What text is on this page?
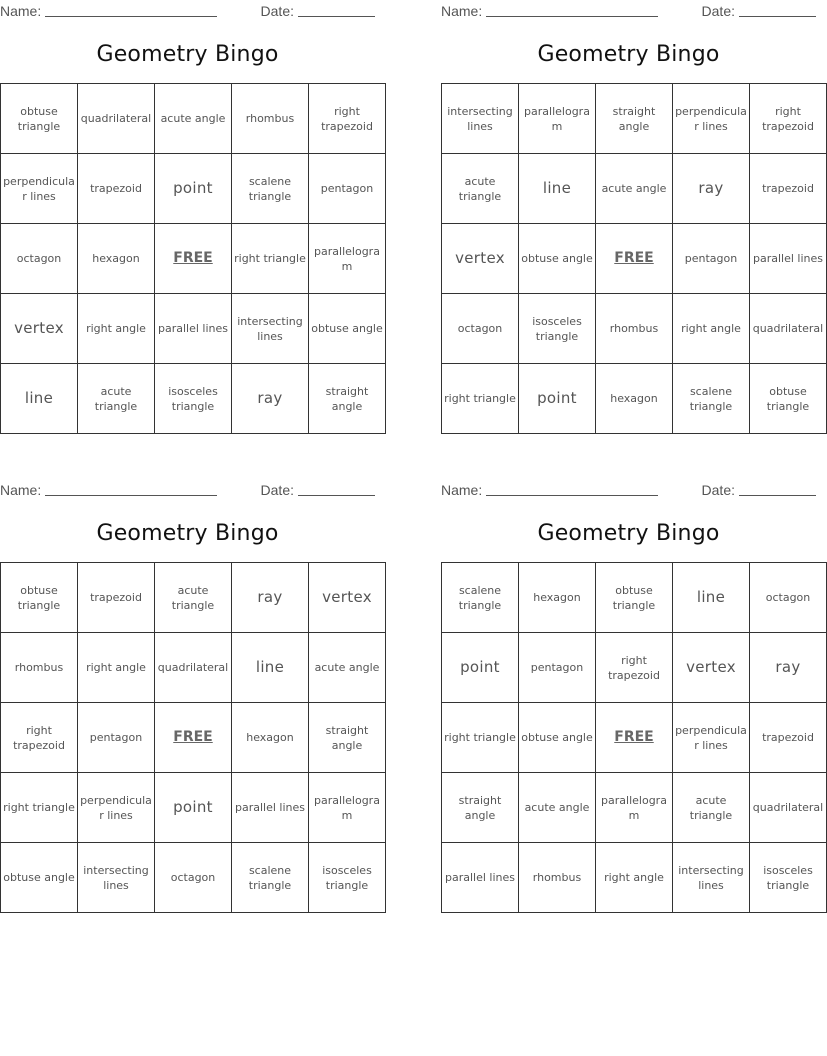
Name:	Date:
Geometry Bingo
obtuse triangle	quadrilateral	acute angle	rhombus	right trapezoid
perpendicular lines	trapezoid	point	scalene triangle	pentagon
octagon	hexagon	FREE	right triangle	parallelogram
vertex	right angle	parallel lines	intersecting lines	obtuse angle
line	acute triangle	isosceles triangle	ray	straight angle
Name:	Date:
Geometry Bingo
intersecting lines	parallelogram	straight angle	perpendicular lines	right trapezoid
acute triangle	line	acute angle	ray	trapezoid
vertex	obtuse angle	FREE	pentagon	parallel lines
octagon	isosceles triangle	rhombus	right angle	quadrilateral
right triangle	point	hexagon	scalene triangle	obtuse triangle
Name:	Date:
Geometry Bingo
obtuse triangle	trapezoid	acute triangle	ray	vertex
rhombus	right angle	quadrilateral	line	acute angle
right trapezoid	pentagon	FREE	hexagon	straight angle
right triangle	perpendicular lines	point	parallel lines	parallelogram
obtuse angle	intersecting lines	octagon	scalene triangle	isosceles triangle
Name:	Date:
Geometry Bingo
scalene triangle	hexagon	obtuse triangle	line	octagon
point	pentagon	right trapezoid	vertex	ray
right triangle	obtuse angle	FREE	perpendicular lines	trapezoid
straight angle	acute angle	parallelogram	acute triangle	quadrilateral
parallel lines	rhombus	right angle	intersecting lines	isosceles triangle
